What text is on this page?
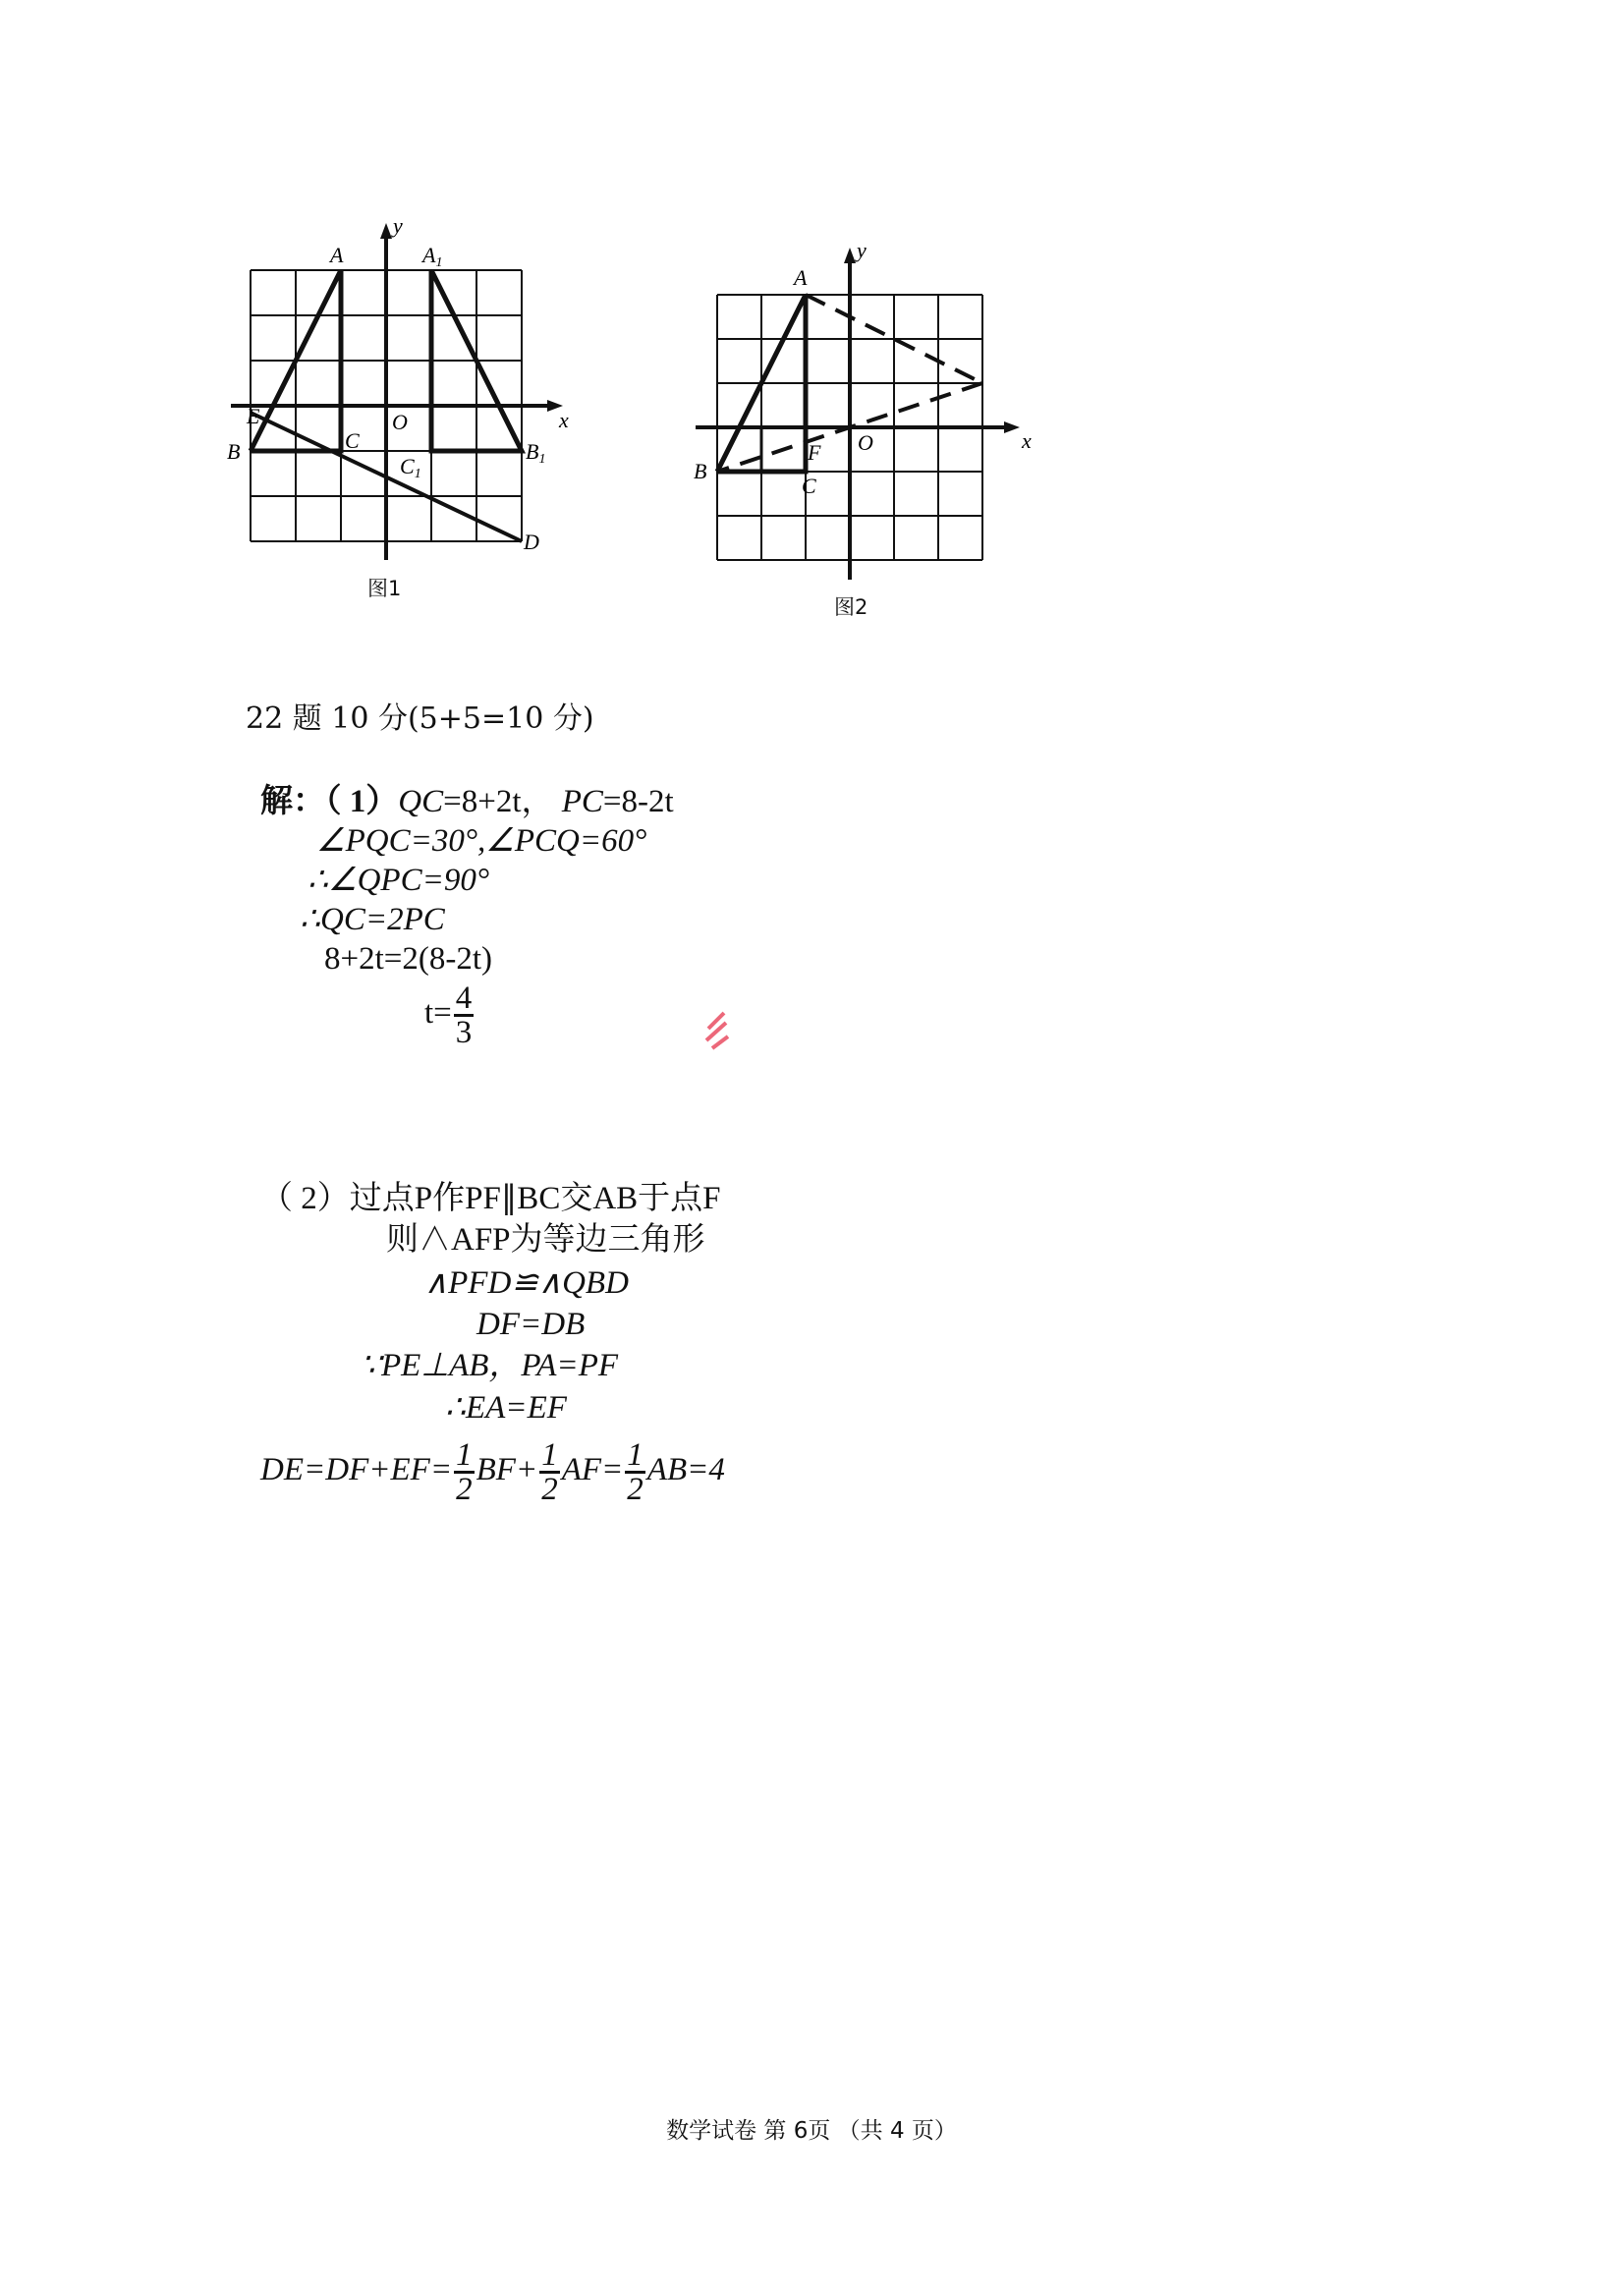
y
x
A	A1
E
B	C
O
C1
B1
D
图1
y
x
A
B
F
C
O
图2
22 题 10 分(5+5=10 分)
解：（ 1）QC=8+2t， PC=8-2t
∠PQC=30°,∠PCQ=60°
∴∠QPC=90°
∴QC=2PC
8+2t=2(8-2t)
$t= \frac{4}{3}$
（ 2）过点P作PF∥BC交AB于点F
则∧AFP为等边三角形
∧PFD≌∧QBD
DF=DB
∵PE⊥AB，PA=PF
∴EA=EF
$DE=DF+EF= \frac{1}{2} BF+ \frac{1}{2} AF= \frac{1}{2} AB=4$
数学试卷 第 6页 （共 4 页）
